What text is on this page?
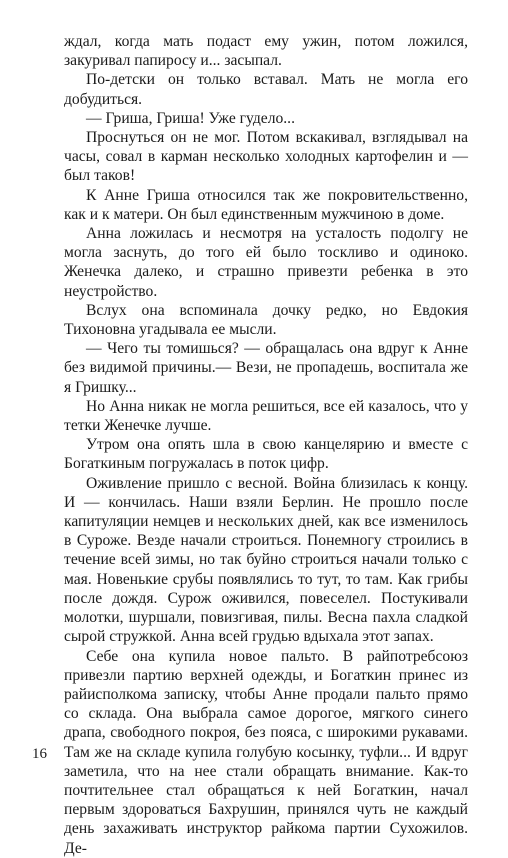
ждал, когда мать подаст ему ужин, потом ложился, закуривал папиросу и... засыпал.

По-детски он только вставал. Мать не могла его добудиться.

— Гриша, Гриша! Уже гудело...

Проснуться он не мог. Потом вскакивал, взглядывал на часы, совал в карман несколько холодных картофелин и — был таков!

К Анне Гриша относился так же покровительственно, как и к матери. Он был единственным мужчиною в доме.

Анна ложилась и несмотря на усталость подолгу не могла заснуть, до того ей было тоскливо и одиноко. Женечка далеко, и страшно привезти ребенка в это неустройство.

Вслух она вспоминала дочку редко, но Евдокия Тихоновна угадывала ее мысли.

— Чего ты томишься? — обращалась она вдруг к Анне без видимой причины.— Вези, не пропадешь, воспитала же я Гришку...

Но Анна никак не могла решиться, все ей казалось, что у тетки Женечке лучше.

Утром она опять шла в свою канцелярию и вместе с Богаткиным погружалась в поток цифр.

Оживление пришло с весной. Война близилась к концу. И — кончилась. Наши взяли Берлин. Не прошло после капитуляции немцев и нескольких дней, как все изменилось в Суроже. Везде начали строиться. Понемногу строились в течение всей зимы, но так буйно строиться начали только с мая. Новенькие срубы появлялись то тут, то там. Как грибы после дождя. Сурож оживился, повеселел. Постукивали молотки, шуршали, повизгивая, пилы. Весна пахла сладкой сырой стружкой. Анна всей грудью вдыхала этот запах.

Себе она купила новое пальто. В райпотребсоюз привезли партию верхней одежды, и Богаткин принес из райисполкома записку, чтобы Анне продали пальто прямо со склада. Она выбрала самое дорогое, мягкого синего драпа, свободного покроя, без пояса, с широкими рукавами. Там же на складе купила голубую косынку, туфли... И вдруг заметила, что на нее стали обращать внимание. Как-то почтительнее стал обращаться к ней Богаткин, начал первым здороваться Бахрушин, принялся чуть не каждый день захаживать инструктор райкома партии Сухожилов. Де-

16
